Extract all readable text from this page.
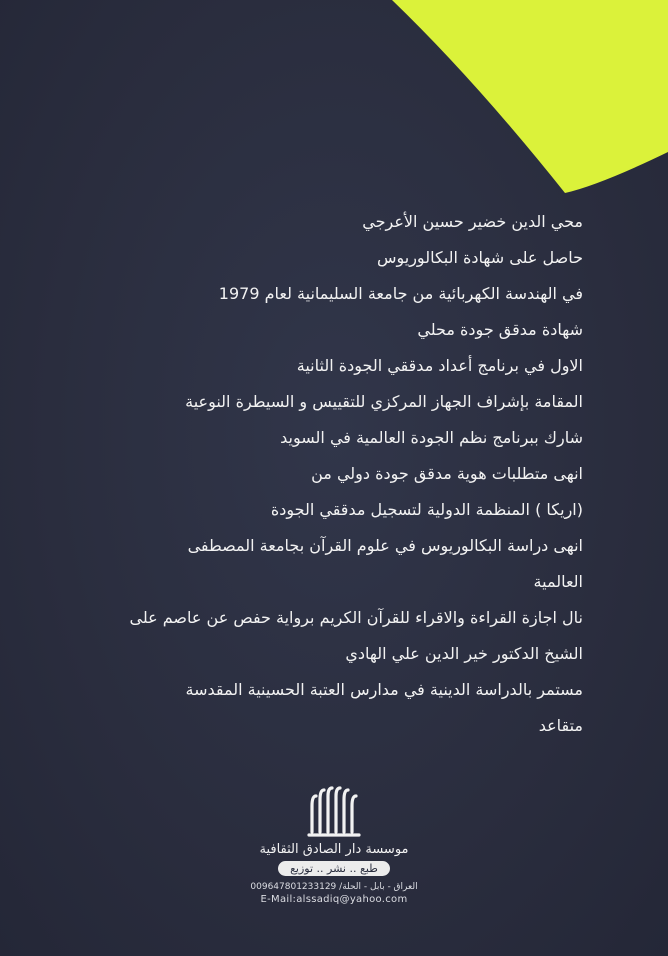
محي الدين خضير حسين الأعرجي
حاصل على شهادة البكالوريوس
في الهندسة الكهربائية من جامعة السليمانية لعام 1979
شهادة مدقق جودة محلي
الاول في برنامج أعداد مدققي الجودة الثانية
المقامة بإشراف الجهاز المركزي للتقييس و السيطرة النوعية
شارك ببرنامج نظم الجودة العالمية في السويد
انهى متطلبات هوية مدقق جودة دولي من
(اريكا ) المنظمة الدولية لتسجيل مدققي الجودة
انهى دراسة البكالوريوس في علوم القرآن بجامعة المصطفى
العالمية
نال اجازة القراءة والاقراء للقرآن الكريم برواية حفص عن عاصم على
الشيخ الدكتور خير الدين علي الهادي
مستمر بالدراسة الدينية في مدارس العتبة الحسينية المقدسة
متقاعد
موسسة دار الصادق الثقافية
طبع .. نشر .. توزيع
العراق - بابل - الحلة/ 009647801233129
E-Mail:alssadiq@yahoo.com
